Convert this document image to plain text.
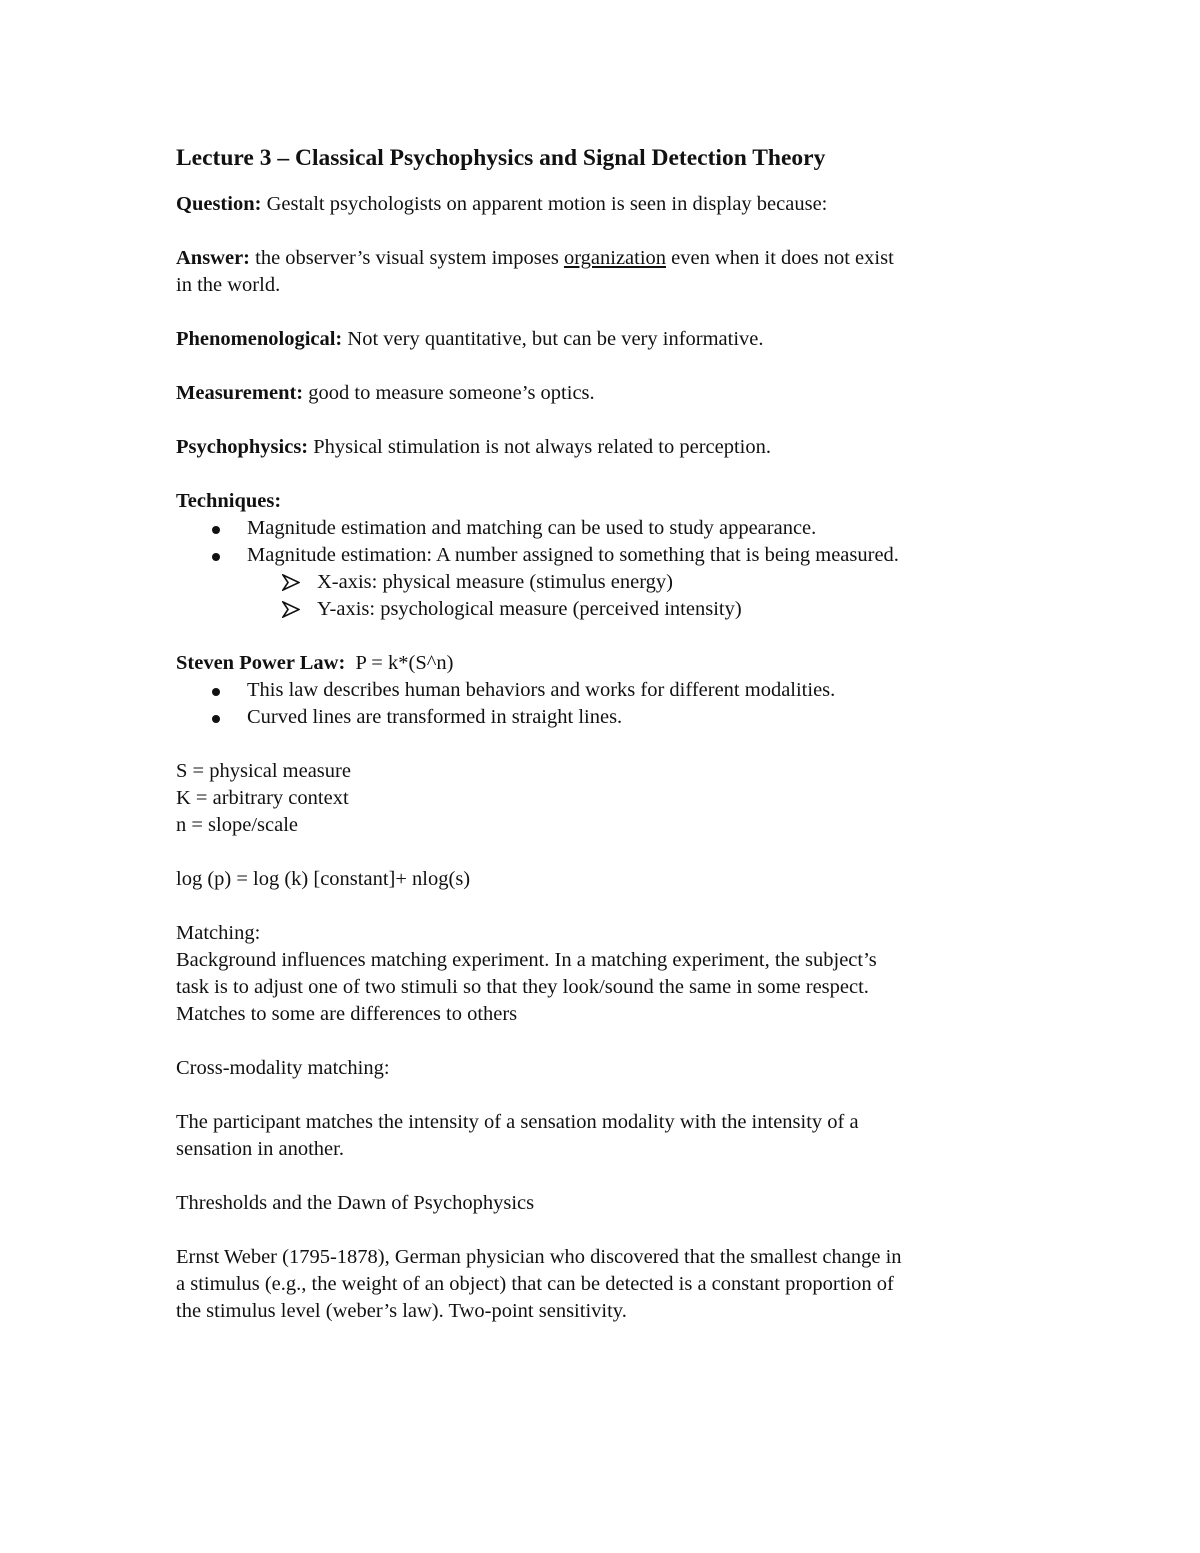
Lecture 3 – Classical Psychophysics and Signal Detection Theory

Question: Gestalt psychologists on apparent motion is seen in display because:

Answer: the observer’s visual system imposes organization even when it does not exist

in the world.

Phenomenological: Not very quantitative, but can be very informative.

Measurement: good to measure someone’s optics.

Psychophysics: Physical stimulation is not always related to perception.

Techniques:

Magnitude estimation and matching can be used to study appearance.
Magnitude estimation: A number assigned to something that is being measured.
X-axis: physical measure (stimulus energy)
Y-axis: psychological measure (perceived intensity)

Steven Power Law:  P = k*(S^n)

This law describes human behaviors and works for different modalities.
Curved lines are transformed in straight lines.

S = physical measure

K = arbitrary context

n = slope/scale

log (p) = log (k) [constant]+ nlog(s)

Matching:

Background influences matching experiment. In a matching experiment, the subject’s

task is to adjust one of two stimuli so that they look/sound the same in some respect.

Matches to some are differences to others

Cross-modality matching:

The participant matches the intensity of a sensation modality with the intensity of a

sensation in another.

Thresholds and the Dawn of Psychophysics

Ernst Weber (1795-1878), German physician who discovered that the smallest change in

a stimulus (e.g., the weight of an object) that can be detected is a constant proportion of

the stimulus level (weber’s law). Two-point sensitivity.
